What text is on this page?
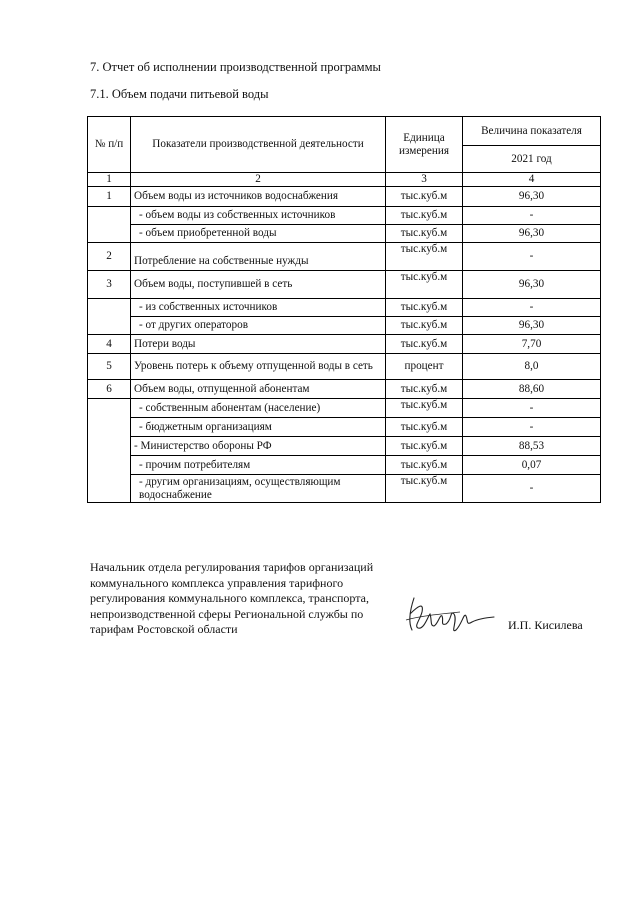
7. Отчет об исполнении производственной программы
7.1. Объем подачи питьевой воды
№ п/п	Показатели производственной деятельности	Единица измерения	Величина показателя
			2021 год
1	2	3	4
1	Объем воды из источников водоснабжения	тыс.куб.м	96,30
	- объем воды из собственных источников	тыс.куб.м	-
	- объем приобретенной воды	тыс.куб.м	96,30
2	Потребление на собственные нужды	тыс.куб.м	-
3	Объем воды, поступившей в сеть	тыс.куб.м	96,30
	- из собственных источников	тыс.куб.м	-
	- от других операторов	тыс.куб.м	96,30
4	Потери воды	тыс.куб.м	7,70
5	Уровень потерь к объему отпущенной воды в сеть	процент	8,0
6	Объем воды, отпущенной абонентам	тыс.куб.м	88,60
	- собственным абонентам (население)	тыс.куб.м	-
	- бюджетным организациям	тыс.куб.м	-
	- Министерство обороны РФ	тыс.куб.м	88,53
	- прочим потребителям	тыс.куб.м	0,07
	- другим организациям, осуществляющим водоснабжение	тыс.куб.м	-
Начальник отдела регулирования тарифов организаций коммунального комплекса управления тарифного регулирования коммунального комплекса, транспорта, непроизводственной сферы Региональной службы по тарифам Ростовской области	И.П. Кисилева
